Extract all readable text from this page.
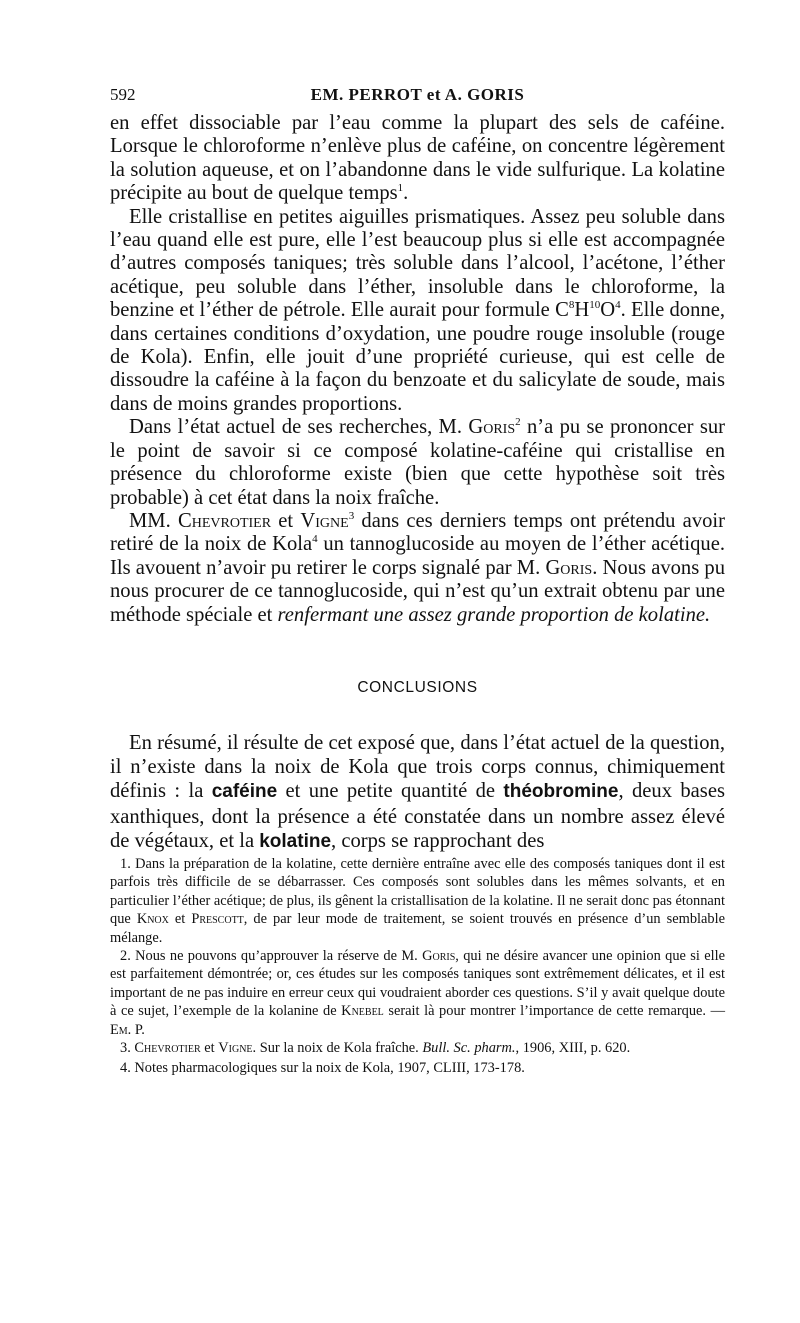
592	EM. PERROT et A. GORIS

en effet dissociable par l’eau comme la plupart des sels de caféine. Lorsque le chloroforme n’enlève plus de caféine, on concentre légèrement la solution aqueuse, et on l’abandonne dans le vide sulfurique. La kolatine précipite au bout de quelque temps$^1$.

Elle cristallise en petites aiguilles prismatiques. Assez peu soluble dans l’eau quand elle est pure, elle l’est beaucoup plus si elle est accompagnée d’autres composés taniques; très soluble dans l’alcool, l’acétone, l’éther acétique, peu soluble dans l’éther, insoluble dans le chloroforme, la benzine et l’éther de pétrole. Elle aurait pour formule $C^8H^{10}O^4$. Elle donne, dans certaines conditions d’oxydation, une poudre rouge insoluble (rouge de Kola). Enfin, elle jouit d’une propriété curieuse, qui est celle de dissoudre la caféine à la façon du benzoate et du salicylate de soude, mais dans de moins grandes proportions.

Dans l’état actuel de ses recherches, M. Goris$^2$ n’a pu se prononcer sur le point de savoir si ce composé kolatine-caféine qui cristallise en présence du chloroforme existe (bien que cette hypothèse soit très probable) à cet état dans la noix fraîche.

MM. Chevrotier et Vigne$^3$ dans ces derniers temps ont prétendu avoir retiré de la noix de Kola$^4$ un tannoglucoside au moyen de l’éther acétique. Ils avouent n’avoir pu retirer le corps signalé par M. Goris. Nous avons pu nous procurer de ce tannoglucoside, qui n’est qu’un extrait obtenu par une méthode spéciale et renfermant une assez grande proportion de kolatine.

CONCLUSIONS

En résumé, il résulte de cet exposé que, dans l’état actuel de la question, il n’existe dans la noix de Kola que trois corps connus, chimiquement définis : la caféine et une petite quantité de théobromine, deux bases xanthiques, dont la présence a été constatée dans un nombre assez élevé de végétaux, et la kolatine, corps se rapprochant des

1. Dans la préparation de la kolatine, cette dernière entraîne avec elle des composés taniques dont il est parfois très difficile de se débarrasser. Ces composés sont solubles dans les mêmes solvants, et en particulier l’éther acétique; de plus, ils gênent la cristallisation de la kolatine. Il ne serait donc pas étonnant que Knox et Prescott, de par leur mode de traitement, se soient trouvés en présence d’un semblable mélange.

2. Nous ne pouvons qu’approuver la réserve de M. Goris, qui ne désire avancer une opinion que si elle est parfaitement démontrée; or, ces études sur les composés taniques sont extrêmement délicates, et il est important de ne pas induire en erreur ceux qui voudraient aborder ces questions. S’il y avait quelque doute à ce sujet, l’exemple de la kolanine de Knebel serait là pour montrer l’importance de cette remarque. — Em. P.

3. Chevrotier et Vigne. Sur la noix de Kola fraîche. Bull. Sc. pharm., 1906, XIII, p. 620.

4. Notes pharmacologiques sur la noix de Kola, 1907, CLIII, 173-178.
